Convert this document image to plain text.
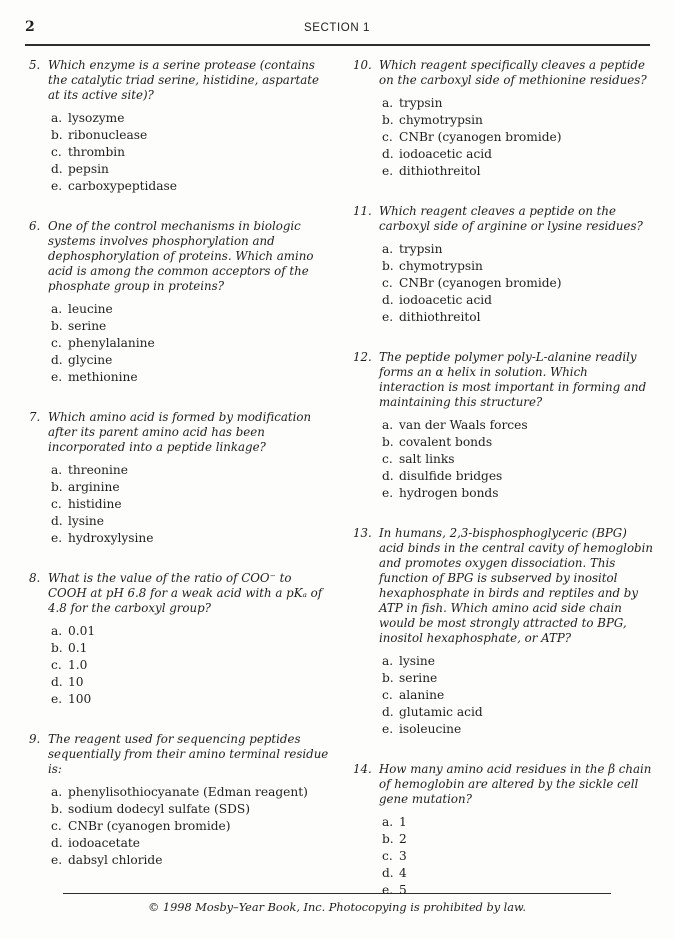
2	SECTION 1
5. Which enzyme is a serine protease (contains the catalytic triad serine, histidine, aspartate at its active site)?
a. lysozyme
b. ribonuclease
c. thrombin
d. pepsin
e. carboxypeptidase
6. One of the control mechanisms in biologic systems involves phosphorylation and dephosphorylation of proteins. Which amino acid is among the common acceptors of the phosphate group in proteins?
a. leucine
b. serine
c. phenylalanine
d. glycine
e. methionine
7. Which amino acid is formed by modification after its parent amino acid has been incorporated into a peptide linkage?
a. threonine
b. arginine
c. histidine
d. lysine
e. hydroxylysine
8. What is the value of the ratio of COO⁻ to COOH at pH 6.8 for a weak acid with a pKₐ of 4.8 for the carboxyl group?
a. 0.01
b. 0.1
c. 1.0
d. 10
e. 100
9. The reagent used for sequencing peptides sequentially from their amino terminal residue is:
a. phenylisothiocyanate (Edman reagent)
b. sodium dodecyl sulfate (SDS)
c. CNBr (cyanogen bromide)
d. iodoacetate
e. dabsyl chloride
10. Which reagent specifically cleaves a peptide on the carboxyl side of methionine residues?
a. trypsin
b. chymotrypsin
c. CNBr (cyanogen bromide)
d. iodoacetic acid
e. dithiothreitol
11. Which reagent cleaves a peptide on the carboxyl side of arginine or lysine residues?
a. trypsin
b. chymotrypsin
c. CNBr (cyanogen bromide)
d. iodoacetic acid
e. dithiothreitol
12. The peptide polymer poly-L-alanine readily forms an α helix in solution. Which interaction is most important in forming and maintaining this structure?
a. van der Waals forces
b. covalent bonds
c. salt links
d. disulfide bridges
e. hydrogen bonds
13. In humans, 2,3-bisphosphoglyceric (BPG) acid binds in the central cavity of hemoglobin and promotes oxygen dissociation. This function of BPG is subserved by inositol hexaphosphate in birds and reptiles and by ATP in fish. Which amino acid side chain would be most strongly attracted to BPG, inositol hexaphosphate, or ATP?
a. lysine
b. serine
c. alanine
d. glutamic acid
e. isoleucine
14. How many amino acid residues in the β chain of hemoglobin are altered by the sickle cell gene mutation?
a. 1
b. 2
c. 3
d. 4
e. 5
© 1998 Mosby–Year Book, Inc. Photocopying is prohibited by law.
